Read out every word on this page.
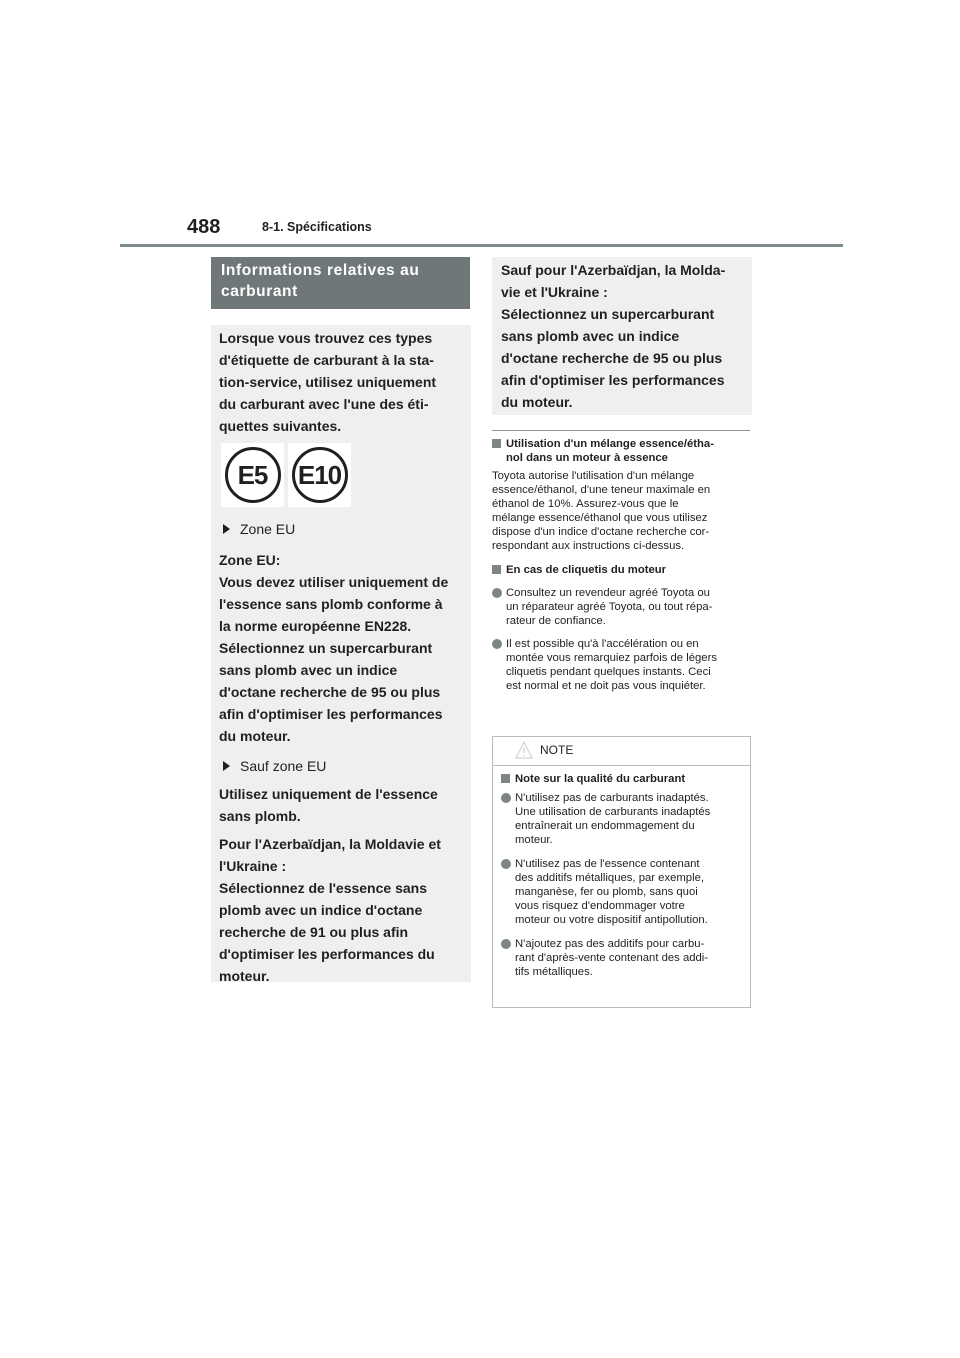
488	8-1. Spécifications
Informations relatives au carburant

Lorsque vous trouvez ces types

d'étiquette de carburant à la sta-

tion-service, utilisez uniquement

du carburant avec l'une des éti-

quettes suivantes.

E5	E10

Zone EU

Zone EU:

Vous devez utiliser uniquement de

l'essence sans plomb conforme à

la norme européenne EN228.

Sélectionnez un supercarburant

sans plomb avec un indice

d'octane recherche de 95 ou plus

afin d'optimiser les performances

du moteur.

Sauf zone EU

Utilisez uniquement de l'essence

sans plomb.

Pour l'Azerbaïdjan, la Moldavie et

l'Ukraine :

Sélectionnez de l'essence sans

plomb avec un indice d'octane

recherche de 91 ou plus afin

d'optimiser les performances du

moteur.

Sauf pour l'Azerbaïdjan, la Molda-

vie et l'Ukraine :

Sélectionnez un supercarburant

sans plomb avec un indice

d'octane recherche de 95 ou plus

afin d'optimiser les performances

du moteur.

Utilisation d'un mélange essence/étha-
nol dans un moteur à essence

Toyota autorise l'utilisation d'un mélange

essence/éthanol, d'une teneur maximale en

éthanol de 10%. Assurez-vous que le

mélange essence/éthanol que vous utilisez

dispose d'un indice d'octane recherche cor-

respondant aux instructions ci-dessus.

En cas de cliquetis du moteur
Consultez un revendeur agréé Toyota ou
un réparateur agréé Toyota, ou tout répa-
rateur de confiance.
Il est possible qu'à l'accélération ou en
montée vous remarquiez parfois de légers
cliquetis pendant quelques instants. Ceci
est normal et ne doit pas vous inquiéter.
NOTE
Note sur la qualité du carburant
N'utilisez pas de carburants inadaptés.
Une utilisation de carburants inadaptés
entraînerait un endommagement du
moteur.
N'utilisez pas de l'essence contenant
des additifs métalliques, par exemple,
manganèse, fer ou plomb, sans quoi
vous risquez d'endommager votre
moteur ou votre dispositif antipollution.
N'ajoutez pas des additifs pour carbu-
rant d'après-vente contenant des addi-
tifs métalliques.
